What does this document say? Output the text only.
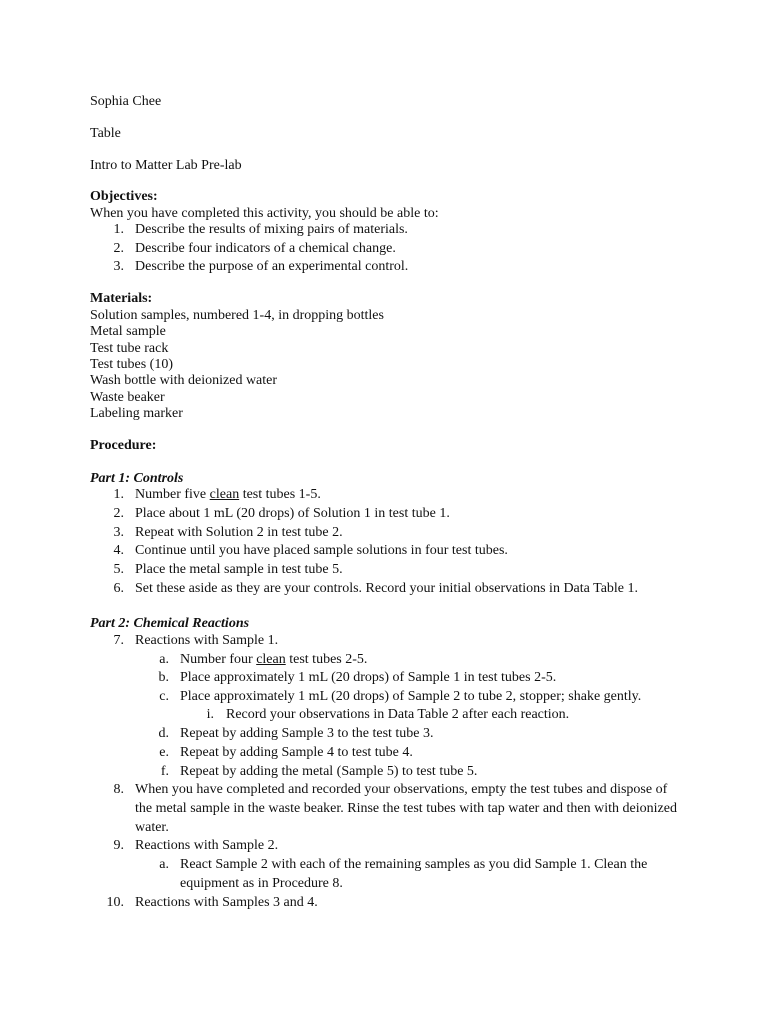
Sophia Chee
Table
Intro to Matter Lab Pre-lab
Objectives:
When you have completed this activity, you should be able to:
1. Describe the results of mixing pairs of materials.
2. Describe four indicators of a chemical change.
3. Describe the purpose of an experimental control.
Materials:
Solution samples, numbered 1-4, in dropping bottles
Metal sample
Test tube rack
Test tubes (10)
Wash bottle with deionized water
Waste beaker
Labeling marker
Procedure:
Part 1: Controls
1. Number five clean test tubes 1-5.
2. Place about 1 mL (20 drops) of Solution 1 in test tube 1.
3. Repeat with Solution 2 in test tube 2.
4. Continue until you have placed sample solutions in four test tubes.
5. Place the metal sample in test tube 5.
6. Set these aside as they are your controls. Record your initial observations in Data Table 1.
Part 2: Chemical Reactions
7. Reactions with Sample 1.
a. Number four clean test tubes 2-5.
b. Place approximately 1 mL (20 drops) of Sample 1 in test tubes 2-5.
c. Place approximately 1 mL (20 drops) of Sample 2 to tube 2, stopper; shake gently.
i. Record your observations in Data Table 2 after each reaction.
d. Repeat by adding Sample 3 to the test tube 3.
e. Repeat by adding Sample 4 to test tube 4.
f. Repeat by adding the metal (Sample 5) to test tube 5.
8. When you have completed and recorded your observations, empty the test tubes and dispose of
the metal sample in the waste beaker. Rinse the test tubes with tap water and then with deionized
water.
9. Reactions with Sample 2.
a. React Sample 2 with each of the remaining samples as you did Sample 1. Clean the
equipment as in Procedure 8.
10. Reactions with Samples 3 and 4.
